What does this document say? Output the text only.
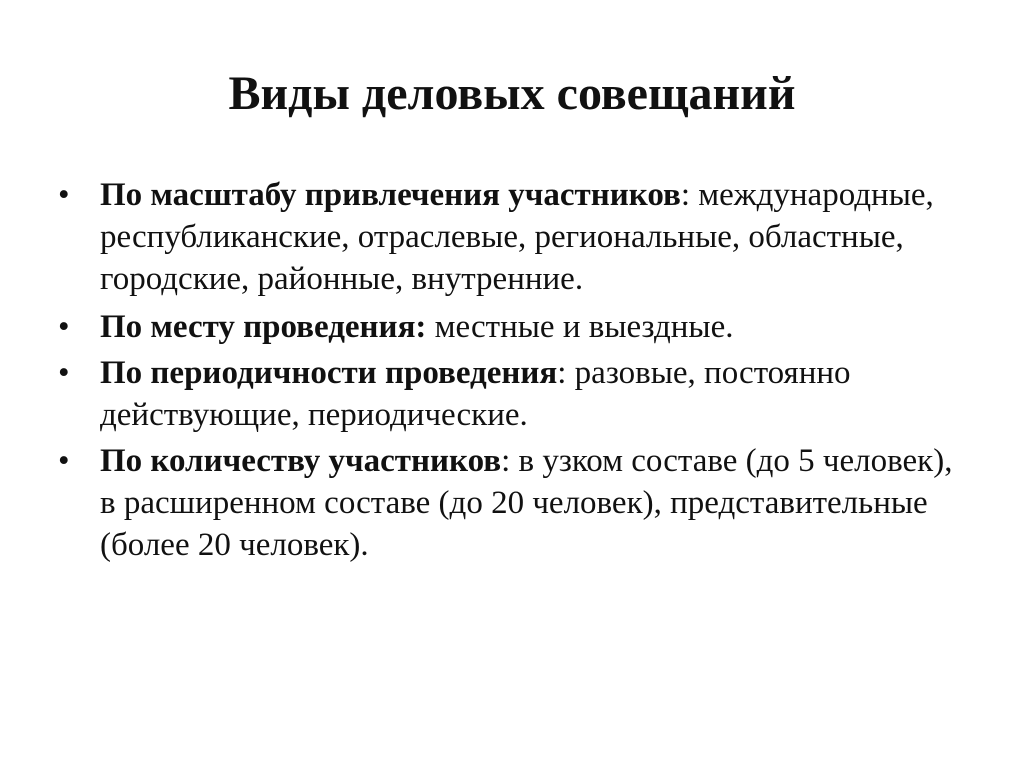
Виды деловых совещаний
• По масштабу привлечения участников: международные, республиканские, отраслевые, региональные, областные, городские, районные, внутренние.
• По месту проведения: местные и выездные.
• По периодичности проведения: разовые, постоянно действующие, периодические.
• По количеству участников: в узком составе (до 5 человек), в расширенном составе (до 20 человек), представительные (более 20 человек).
